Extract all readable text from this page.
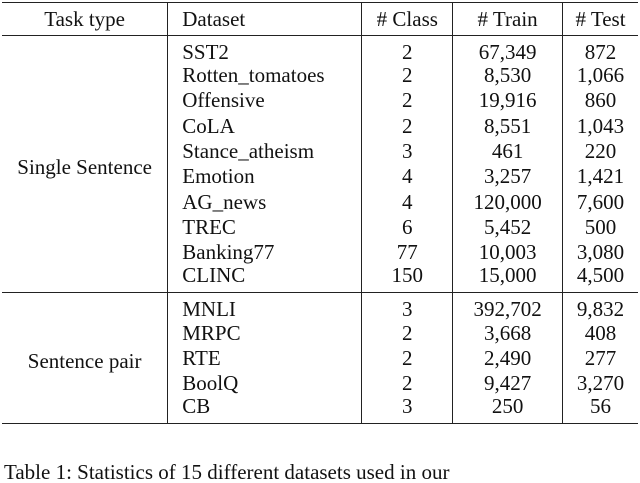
Task type	Dataset	# Class	# Train	# Test
Single Sentence	SST2	2	67,349	872
	Rotten_tomatoes	2	8,530	1,066
	Offensive	2	19,916	860
	CoLA	2	8,551	1,043
	Stance_atheism	3	461	220
	Emotion	4	3,257	1,421
	AG_news	4	120,000	7,600
	TREC	6	5,452	500
	Banking77	77	10,003	3,080
	CLINC	150	15,000	4,500
Sentence pair	MNLI	3	392,702	9,832
	MRPC	2	3,668	408
	RTE	2	2,490	277
	BoolQ	2	9,427	3,270
	CB	3	250	56
Table 1: Statistics of 15 different datasets used in our
